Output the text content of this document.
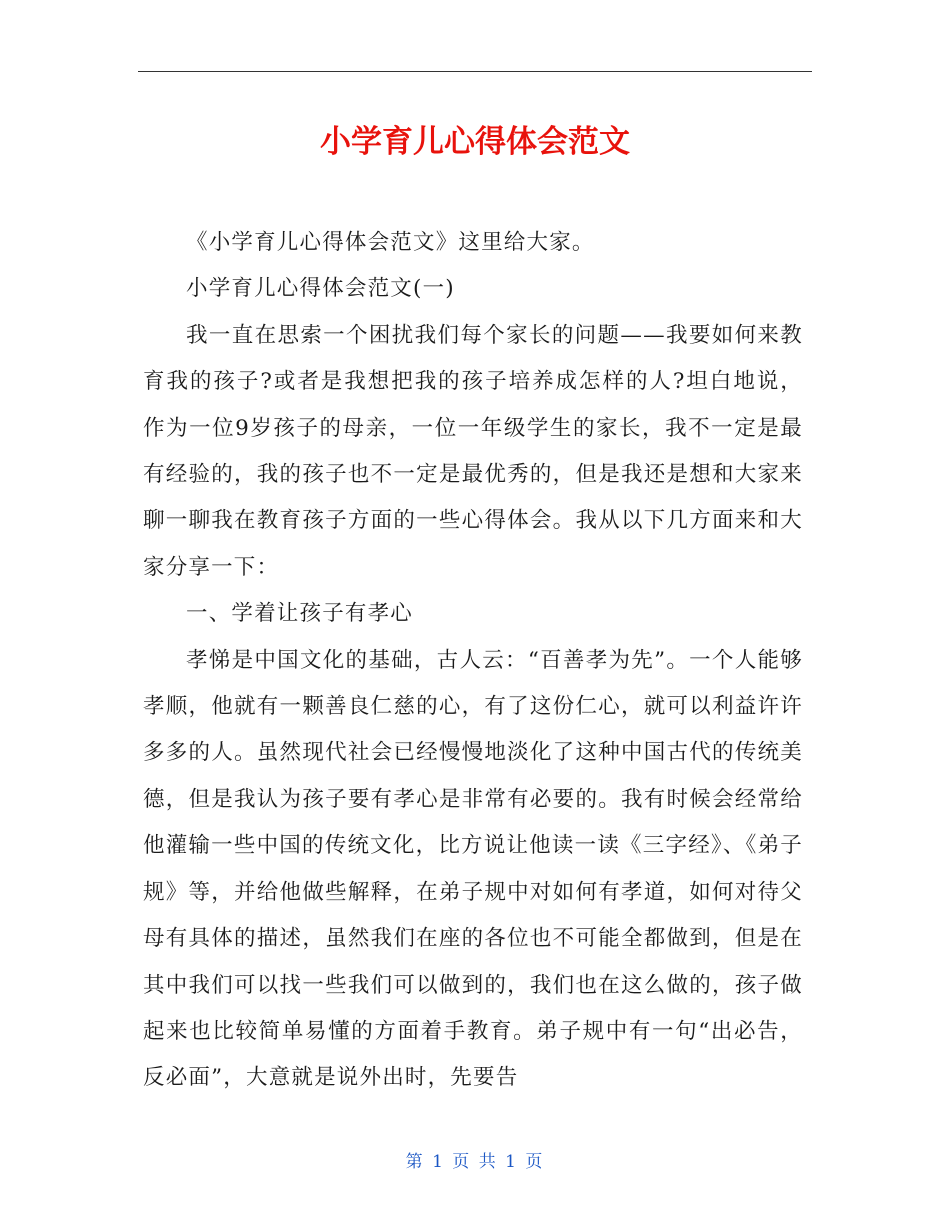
小学育儿心得体会范文

《小学育儿心得体会范文》这里给大家。

小学育儿心得体会范文(一)

我一直在思索一个困扰我们每个家长的问题——我要如何来教育我的孩子?或者是我想把我的孩子培养成怎样的人?坦白地说，作为一位9岁孩子的母亲，一位一年级学生的家长，我不一定是最有经验的，我的孩子也不一定是最优秀的，但是我还是想和大家来聊一聊我在教育孩子方面的一些心得体会。我从以下几方面来和大家分享一下：

一、学着让孩子有孝心

孝悌是中国文化的基础，古人云：“百善孝为先”。一个人能够孝顺，他就有一颗善良仁慈的心，有了这份仁心，就可以利益许许多多的人。虽然现代社会已经慢慢地淡化了这种中国古代的传统美德，但是我认为孩子要有孝心是非常有必要的。我有时候会经常给他灌输一些中国的传统文化，比方说让他读一读《三字经》、《弟子规》等，并给他做些解释，在弟子规中对如何有孝道，如何对待父母有具体的描述，虽然我们在座的各位也不可能全都做到，但是在其中我们可以找一些我们可以做到的，我们也在这么做的，孩子做起来也比较简单易懂的方面着手教育。弟子规中有一句“出必告，反必面”，大意就是说外出时，先要告

第 1 页 共 1 页
